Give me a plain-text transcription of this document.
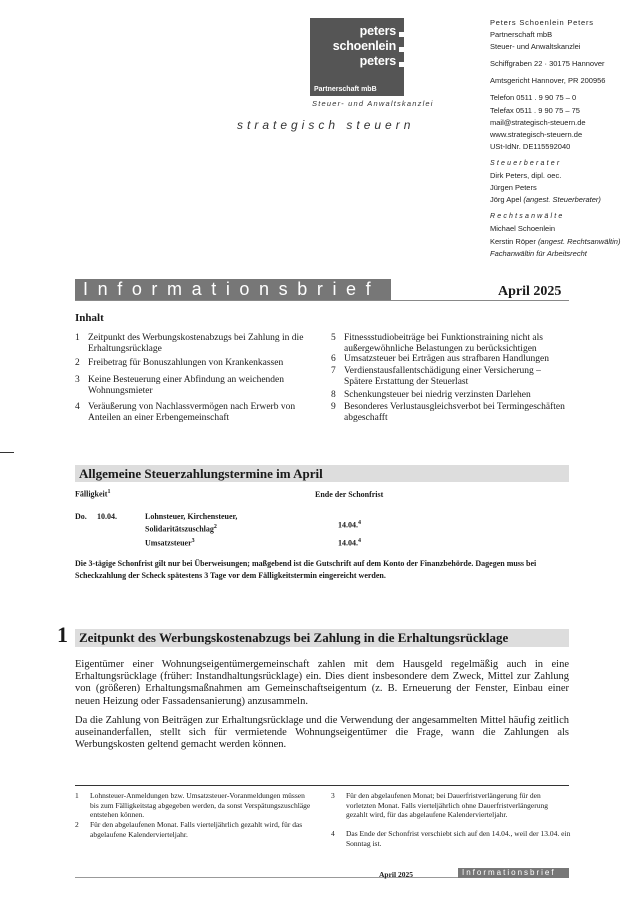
peters
schoenlein
peters
Partnerschaft mbB
Steuer- und Anwaltskanzlei
strategisch steuern
Peters Schoenlein Peters
Partnerschaft mbB
Steuer- und Anwaltskanzlei
Schiffgraben 22 · 30175 Hannover
Amtsgericht Hannover, PR 200956
Telefon 0511 . 9 90 75 – 0
Telefax 0511 . 9 90 75 – 75
mail@strategisch-steuern.de
www.strategisch-steuern.de
USt-IdNr. DE115592040
Steuerberater
Dirk Peters, dipl. oec.
Jürgen Peters
Jörg Apel (angest. Steuerberater)
Rechtsanwälte
Michael Schoenlein
Kerstin Röper (angest. Rechtsanwältin)
Fachanwältin für Arbeitsrecht
Informationsbrief	April 2025
Inhalt
1 Zeitpunkt des Werbungskostenabzugs bei Zahlung in die Erhaltungsrücklage
2 Freibetrag für Bonuszahlungen von Krankenkassen
3 Keine Besteuerung einer Abfindung an weichenden Wohnungsmieter
4 Veräußerung von Nachlassvermögen nach Erwerb von Anteilen an einer Erbengemeinschaft
5 Fitnessstudiobeiträge bei Funktionstraining nicht als außergewöhnliche Belastungen zu berücksichtigen
6 Umsatzsteuer bei Erträgen aus strafbaren Handlungen
7 Verdienstausfallentschädigung einer Versicherung – Spätere Erstattung der Steuerlast
8 Schenkungsteuer bei niedrig verzinsten Darlehen
9 Besonderes Verlustausgleichsverbot bei Termingeschäften abgeschafft
Allgemeine Steuerzahlungstermine im April
Fälligkeit$^1$	Ende der Schonfrist
Do. 10.04.	Lohnsteuer, Kirchensteuer, Solidaritätszuschlag$^2$	14.04.$^4$
Umsatzsteuer$^3$	14.04.$^4$
Die 3-tägige Schonfrist gilt nur bei Überweisungen; maßgebend ist die Gutschrift auf dem Konto der Finanzbehörde. Dagegen muss bei Scheckzahlung der Scheck spätestens 3 Tage vor dem Fälligkeitstermin eingereicht werden.
1 Zeitpunkt des Werbungskostenabzugs bei Zahlung in die Erhaltungsrücklage
Eigentümer einer Wohnungseigentümergemeinschaft zahlen mit dem Hausgeld regelmäßig auch in eine Erhaltungsrücklage (früher: Instandhaltungsrücklage) ein. Dies dient insbesondere dem Zweck, Mittel zur Zahlung von (größeren) Erhaltungsmaßnahmen am Gemeinschaftseigentum (z. B. Erneuerung der Fenster, Einbau einer neuen Heizung oder Fassadensanierung) anzusammeln.
Da die Zahlung von Beiträgen zur Erhaltungsrücklage und die Verwendung der angesammelten Mittel häufig zeitlich auseinanderfallen, stellt sich für vermietende Wohnungseigentümer die Frage, wann die Zahlungen als Werbungskosten geltend gemacht werden können.
1 Lohnsteuer-Anmeldungen bzw. Umsatzsteuer-Voranmeldungen müssen bis zum Fälligkeitstag abgegeben werden, da sonst Verspätungszuschläge entstehen können.
2 Für den abgelaufenen Monat. Falls vierteljährlich gezahlt wird, für das abgelaufene Kalendervierteljahr.
3 Für den abgelaufenen Monat; bei Dauerfristverlängerung für den vorletzten Monat. Falls vierteljährlich ohne Dauerfristverlängerung gezahlt wird, für das abgelaufene Kalendervierteljahr.
4 Das Ende der Schonfrist verschiebt sich auf den 14.04., weil der 13.04. ein Sonntag ist.
April 2025	Informationsbrief
